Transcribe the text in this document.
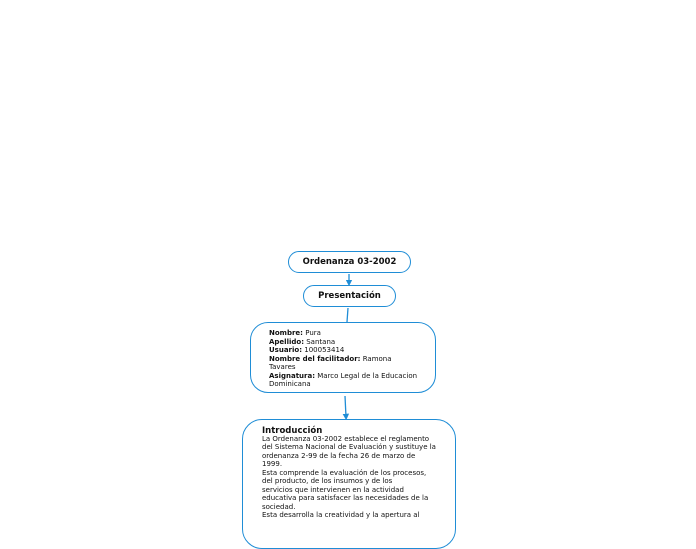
Ordenanza 03-2002
Presentación
Nombre: Pura
Apellido: Santana
Usuario: 100053414
Nombre del facilitador: Ramona
Tavares
Asignatura: Marco Legal de la Educacion
Dominicana
Introducción
La Ordenanza 03-2002 establece el reglamento
del Sistema Nacional de Evaluación y sustituye la
ordenanza 2-99 de la fecha 26 de marzo de
1999.
Esta comprende la evaluación de los procesos,
del producto, de los insumos y de los
servicios que intervienen en la actividad
educativa para satisfacer las necesidades de la
sociedad.
Esta desarrolla la creatividad y la apertura al
